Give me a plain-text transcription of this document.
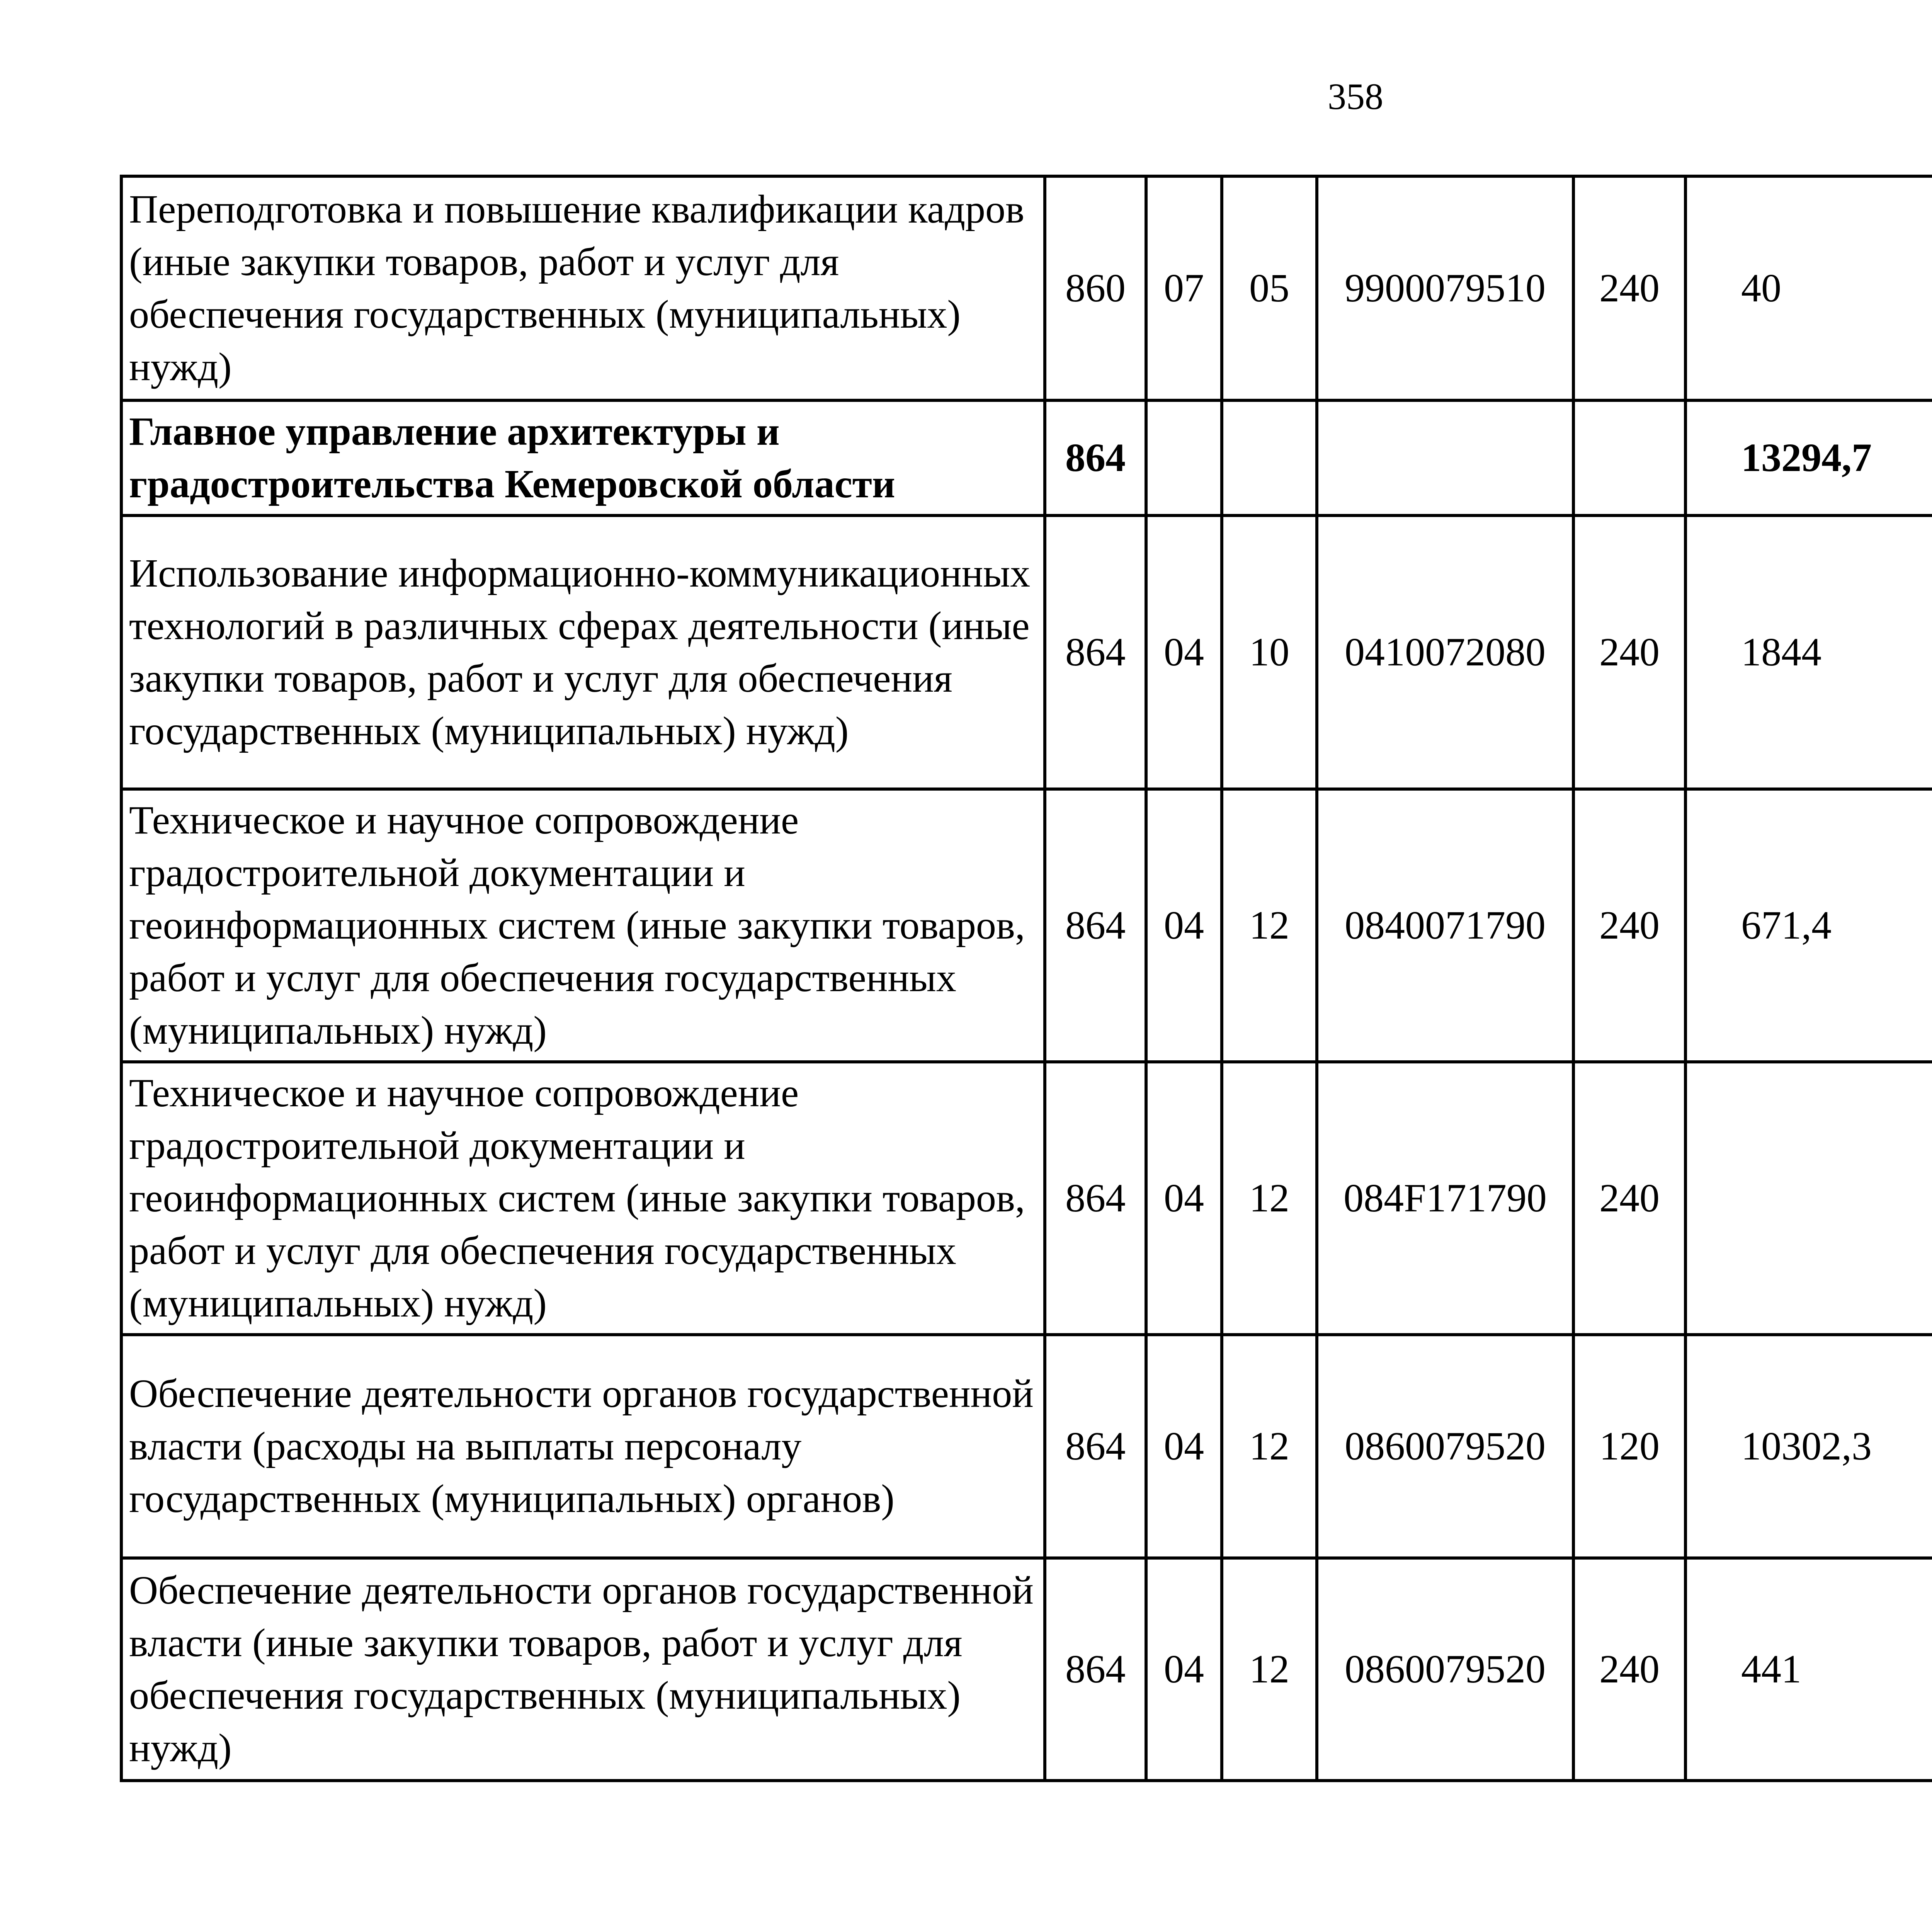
358
Переподготовка и повышение квалификации кадров (иные закупки товаров, работ и услуг для обеспечения государственных (муниципальных) нужд)	860	07	05	9900079510	240	40		
Главное управление архитектуры и градостроительства Кемеровской области	864					13294,7		
Использование информационно-коммуникационных технологий в различных сферах деятельности (иные закупки товаров, работ и услуг для обеспечения государственных (муниципальных) нужд)	864	04	10	0410072080	240	1844		
Техническое и научное сопровождение градостроительной документации и геоинформационных систем (иные закупки товаров, работ и услуг для обеспечения государственных (муниципальных) нужд)	864	04	12	0840071790	240	671,4		
Техническое и научное сопровождение градостроительной документации и геоинформационных систем (иные закупки товаров, работ и услуг для обеспечения государственных (муниципальных) нужд)	864	04	12	084F171790	240			
Обеспечение деятельности органов государственной власти (расходы на выплаты персоналу государственных (муниципальных) органов)	864	04	12	0860079520	120	10302,3		
Обеспечение деятельности органов государственной власти (иные закупки товаров, работ и услуг для обеспечения государственных (муниципальных) нужд)	864	04	12	0860079520	240	441		
